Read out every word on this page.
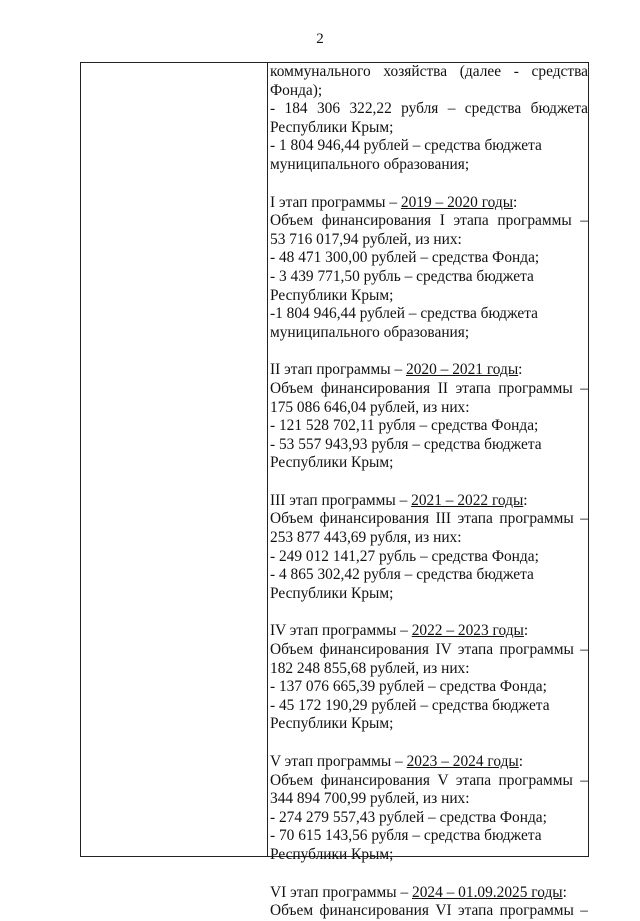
2

коммунального хозяйства (далее - средства
Фонда);
- 184 306 322,22 рубля – средства бюджета
Республики Крым;
- 1 804 946,44 рублей – средства бюджета
муниципального образования;
I этап программы – 2019 – 2020 годы:
Объем финансирования I этапа программы –
53 716 017,94 рублей, из них:
- 48 471 300,00 рублей – средства Фонда;
- 3 439 771,50 рубль – средства бюджета
Республики Крым;
-1 804 946,44 рублей – средства бюджета
муниципального образования;
II этап программы – 2020 – 2021 годы:
Объем финансирования II этапа программы –
175 086 646,04 рублей, из них:
- 121 528 702,11 рубля – средства Фонда;
- 53 557 943,93 рубля – средства бюджета
Республики Крым;
III этап программы – 2021 – 2022 годы:
Объем финансирования III этапа программы –
253 877 443,69 рубля, из них:
- 249 012 141,27 рубль – средства Фонда;
- 4 865 302,42 рубля – средства бюджета
Республики Крым;
IV этап программы – 2022 – 2023 годы:
Объем финансирования IV этапа программы –
182 248 855,68 рублей, из них:
- 137 076 665,39 рублей – средства Фонда;
- 45 172 190,29 рублей – средства бюджета
Республики Крым;
V этап программы – 2023 – 2024 годы:
Объем финансирования V этапа программы –
344 894 700,99 рублей, из них:
- 274 279 557,43 рублей – средства Фонда;
- 70 615 143,56 рубля – средства бюджета
Республики Крым;
VI этап программы – 2024 – 01.09.2025 годы:
Объем финансирования VI этапа программы –
